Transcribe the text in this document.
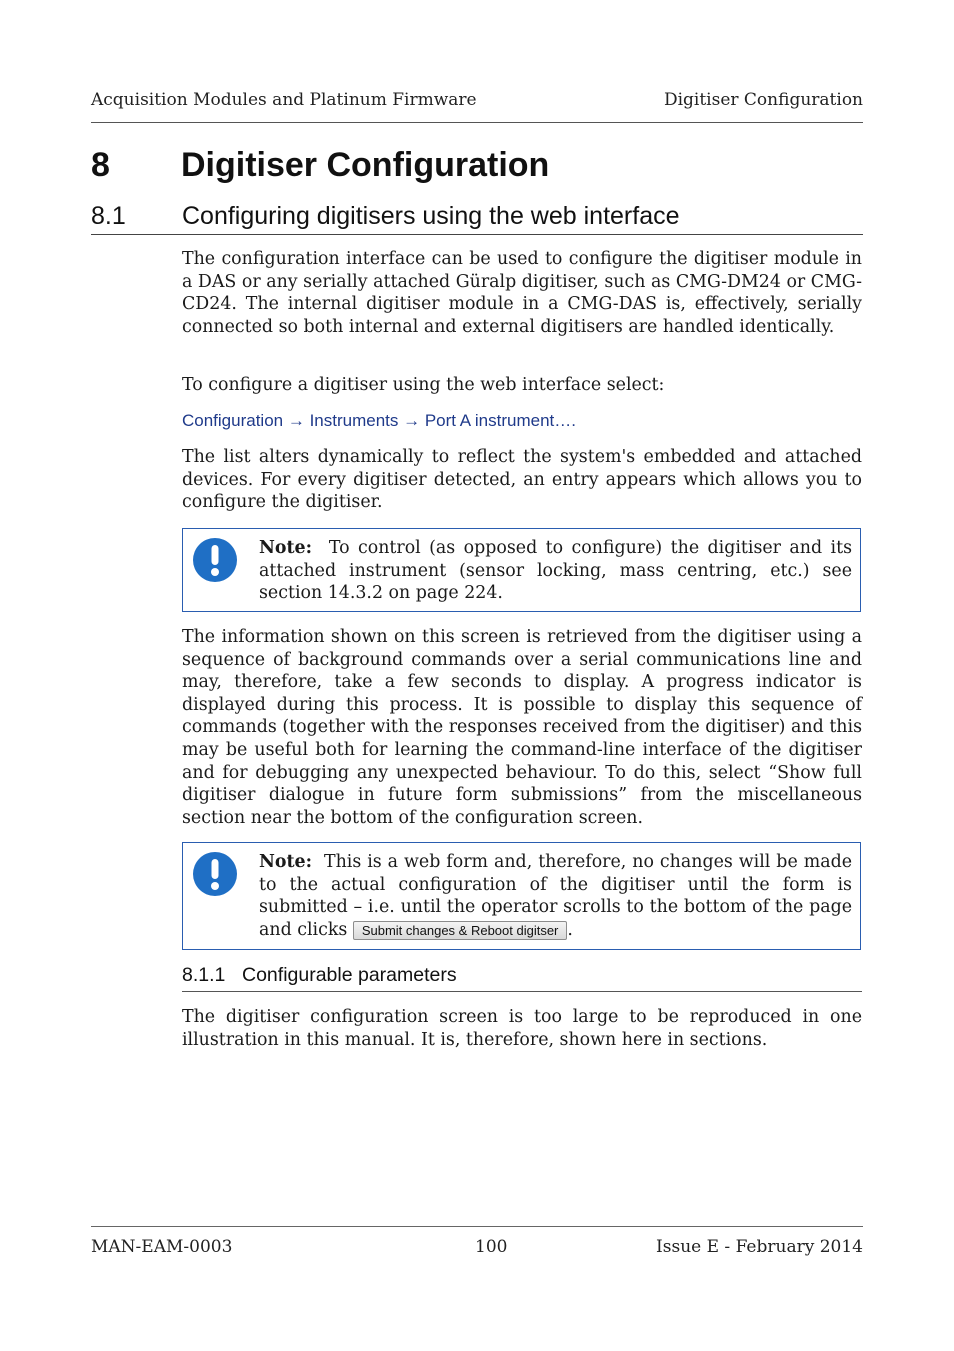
Acquisition Modules and Platinum Firmware	Digitiser Configuration
8 Digitiser Configuration
8.1 Configuring digitisers using the web interface
The configuration interface can be used to configure the digitiser module in a DAS or any serially attached Güralp digitiser, such as CMG-DM24 or CMG-CD24. The internal digitiser module in a CMG-DAS is, effectively, serially connected so both internal and external digitisers are handled identically.
To configure a digitiser using the web interface select:
Configuration → Instruments → Port A instrument….
The list alters dynamically to reflect the system's embedded and attached devices. For every digitiser detected, an entry appears which allows you to configure the digitiser.
Note: To control (as opposed to configure) the digitiser and its attached instrument (sensor locking, mass centring, etc.) see section 14.3.2 on page 224.
The information shown on this screen is retrieved from the digitiser using a sequence of background commands over a serial communications line and may, therefore, take a few seconds to display. A progress indicator is displayed during this process. It is possible to display this sequence of commands (together with the responses received from the digitiser) and this may be useful both for learning the command-line interface of the digitiser and for debugging any unexpected behaviour. To do this, select “Show full digitiser dialogue in future form submissions” from the miscellaneous section near the bottom of the configuration screen.
Note: This is a web form and, therefore, no changes will be made to the actual configuration of the digitiser until the form is submitted – i.e. until the operator scrolls to the bottom of the page and clicks Submit changes & Reboot digitser .
8.1.1 Configurable parameters
The digitiser configuration screen is too large to be reproduced in one illustration in this manual. It is, therefore, shown here in sections.
MAN-EAM-0003	100	Issue E - February 2014
